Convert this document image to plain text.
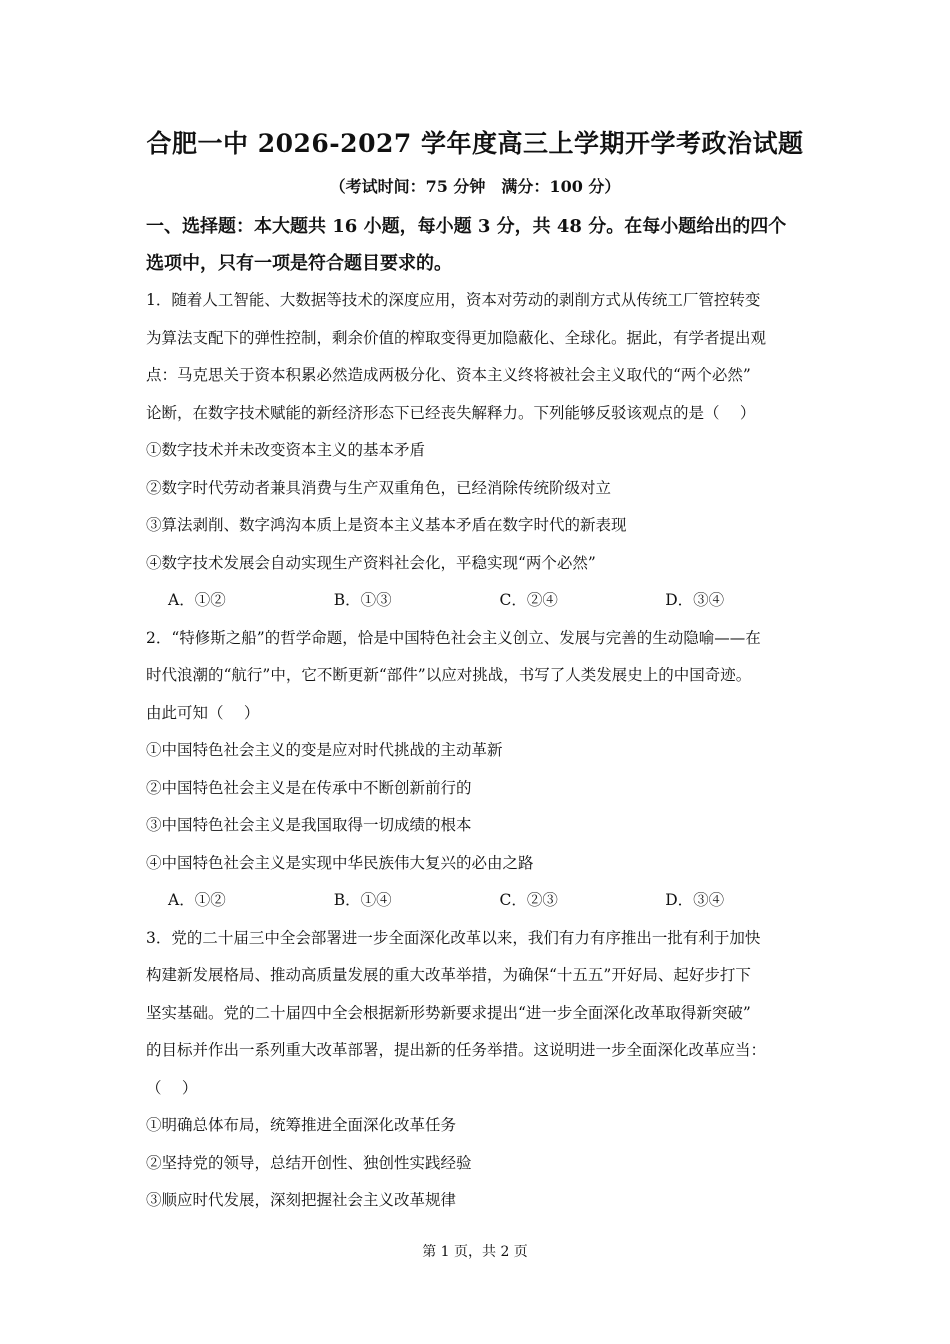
合肥一中 2026-2027 学年度高三上学期开学考政治试题
（考试时间：75 分钟　满分：100 分）
一、选择题：本大题共 16 小题，每小题 3 分，共 48 分。在每小题给出的四个
选项中，只有一项是符合题目要求的。
1．随着人工智能、大数据等技术的深度应用，资本对劳动的剥削方式从传统工厂管控转变
为算法支配下的弹性控制，剩余价值的榨取变得更加隐蔽化、全球化。据此，有学者提出观
点：马克思关于资本积累必然造成两极分化、资本主义终将被社会主义取代的“两个必然”
论断，在数字技术赋能的新经济形态下已经丧失解释力。下列能够反驳该观点的是（　 ）
①数字技术并未改变资本主义的基本矛盾
②数字时代劳动者兼具消费与生产双重角色，已经消除传统阶级对立
③算法剥削、数字鸿沟本质上是资本主义基本矛盾在数字时代的新表现
④数字技术发展会自动实现生产资料社会化，平稳实现“两个必然”
A．①②	B．①③	C．②④	D．③④
2．“特修斯之船”的哲学命题，恰是中国特色社会主义创立、发展与完善的生动隐喻——在
时代浪潮的“航行”中，它不断更新“部件”以应对挑战，书写了人类发展史上的中国奇迹。
由此可知（　 ）
①中国特色社会主义的变是应对时代挑战的主动革新
②中国特色社会主义是在传承中不断创新前行的
③中国特色社会主义是我国取得一切成绩的根本
④中国特色社会主义是实现中华民族伟大复兴的必由之路
A．①②	B．①④	C．②③	D．③④
3．党的二十届三中全会部署进一步全面深化改革以来，我们有力有序推出一批有利于加快
构建新发展格局、推动高质量发展的重大改革举措，为确保“十五五”开好局、起好步打下
坚实基础。党的二十届四中全会根据新形势新要求提出“进一步全面深化改革取得新突破”
的目标并作出一系列重大改革部署，提出新的任务举措。这说明进一步全面深化改革应当：
（　 ）
①明确总体布局，统筹推进全面深化改革任务
②坚持党的领导，总结开创性、独创性实践经验
③顺应时代发展，深刻把握社会主义改革规律
第 1 页，共 2 页
